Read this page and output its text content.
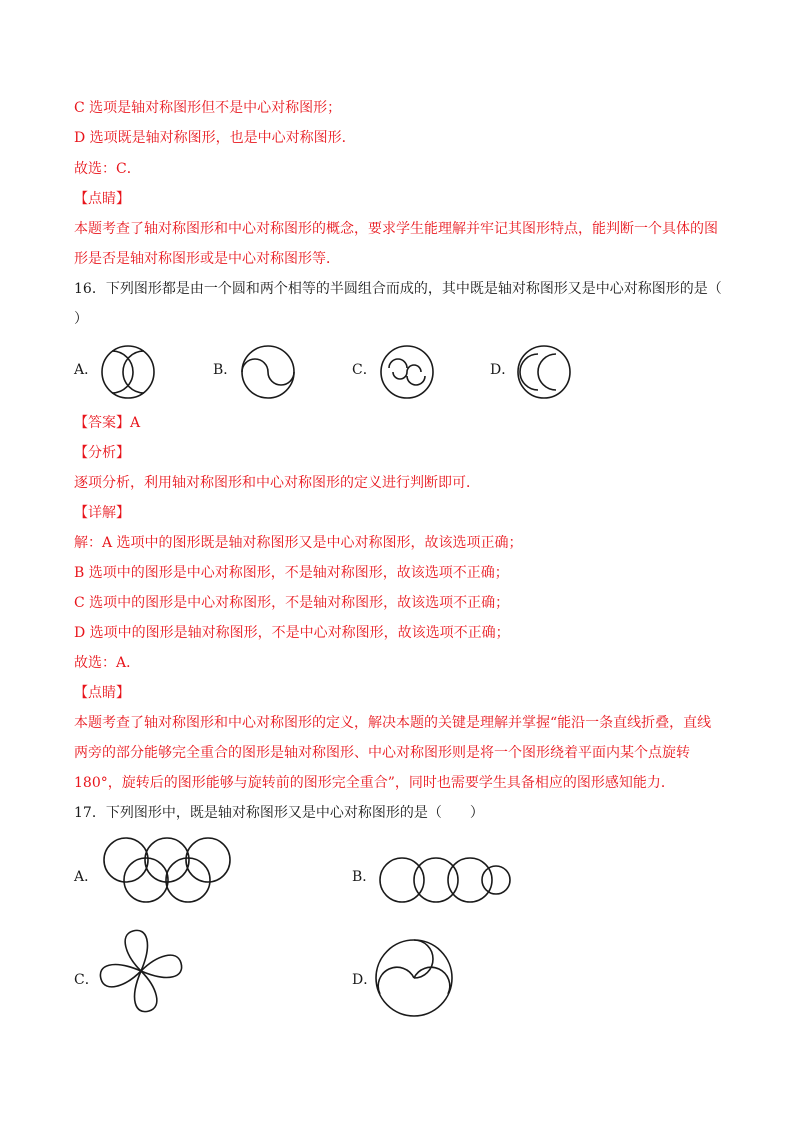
C 选项是轴对称图形但不是中心对称图形；
D 选项既是轴对称图形，也是中心对称图形．
故选：C．
【点睛】
本题考查了轴对称图形和中心对称图形的概念，要求学生能理解并牢记其图形特点，能判断一个具体的图
形是否是轴对称图形或是中心对称图形等．
16．下列图形都是由一个圆和两个相等的半圆组合而成的，其中既是轴对称图形又是中心对称图形的是（
）
A．	B．	C．	D．
【答案】A
【分析】
逐项分析，利用轴对称图形和中心对称图形的定义进行判断即可．
【详解】
解：A 选项中的图形既是轴对称图形又是中心对称图形，故该选项正确；
B 选项中的图形是中心对称图形，不是轴对称图形，故该选项不正确；
C 选项中的图形是中心对称图形，不是轴对称图形，故该选项不正确；
D 选项中的图形是轴对称图形，不是中心对称图形，故该选项不正确；
故选：A．
【点睛】
本题考查了轴对称图形和中心对称图形的定义，解决本题的关键是理解并掌握“能沿一条直线折叠，直线
两旁的部分能够完全重合的图形是轴对称图形、中心对称图形则是将一个图形绕着平面内某个点旋转
180°，旋转后的图形能够与旋转前的图形完全重合”，同时也需要学生具备相应的图形感知能力．
17．下列图形中，既是轴对称图形又是中心对称图形的是（　　）
A．	B．
C．	D．
